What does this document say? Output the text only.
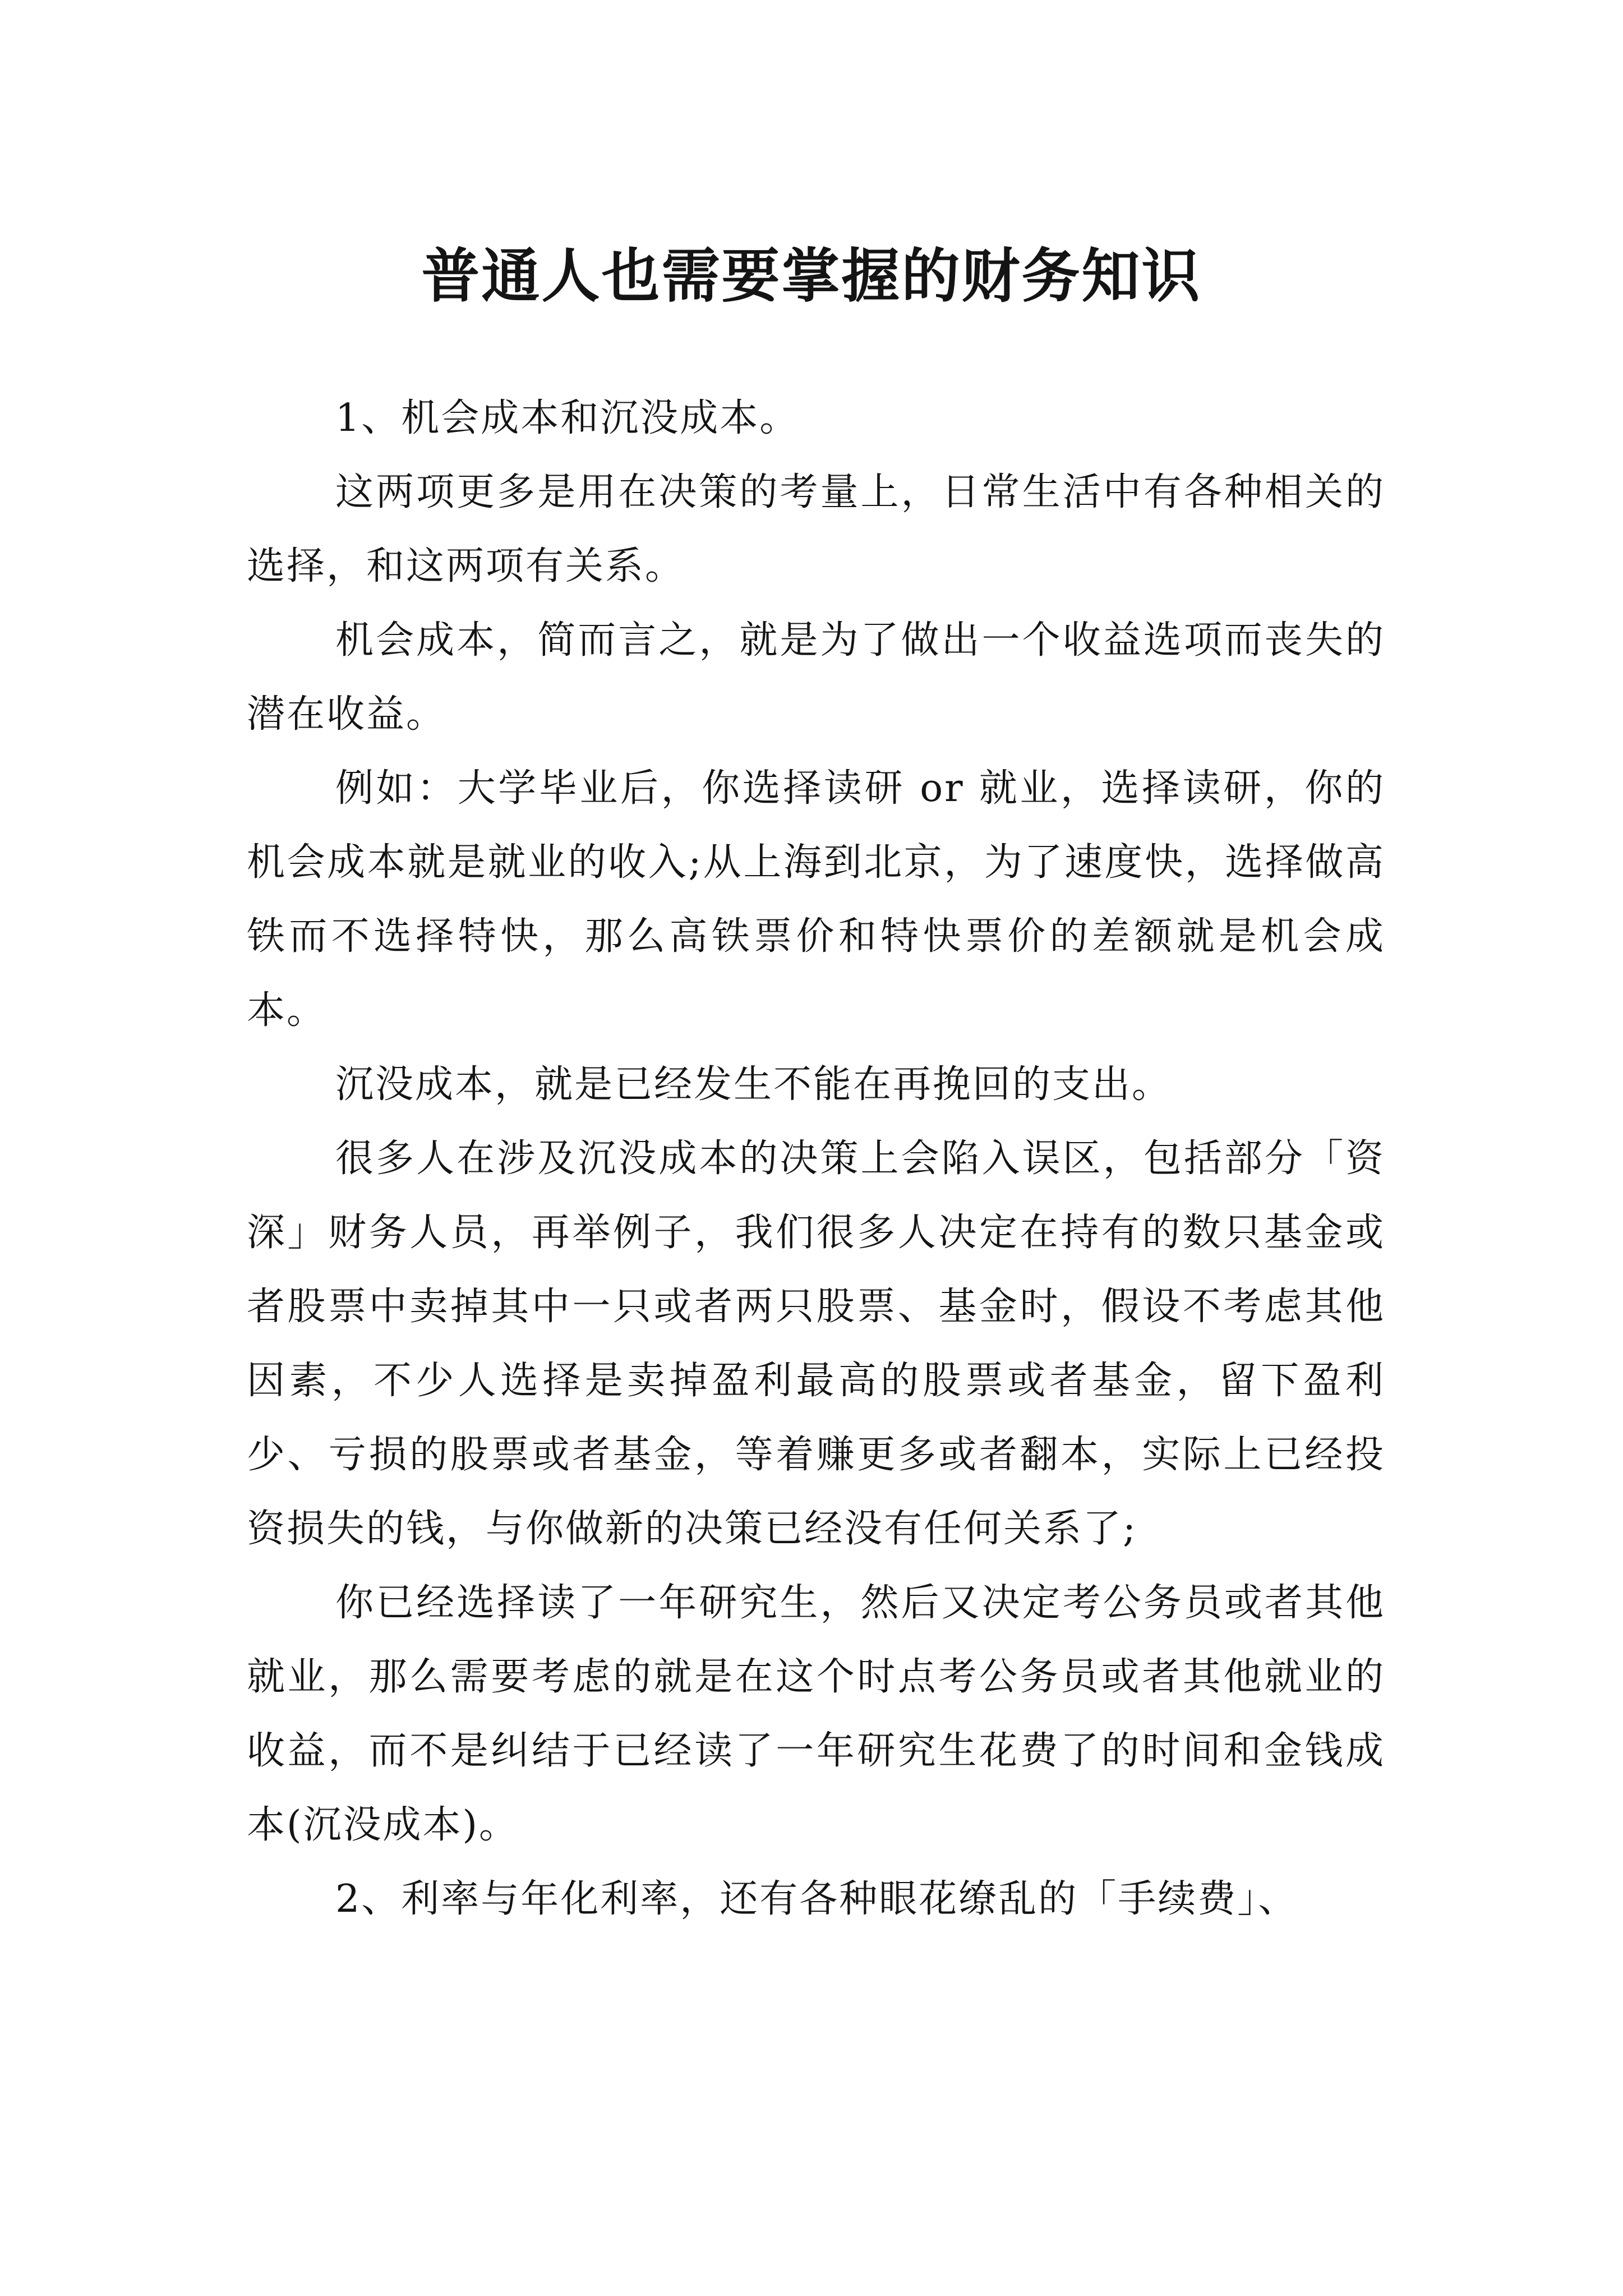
普通人也需要掌握的财务知识

1、机会成本和沉没成本。

这两项更多是用在决策的考量上，日常生活中有各种相关的选择，和这两项有关系。

机会成本，简而言之，就是为了做出一个收益选项而丧失的潜在收益。

例如：大学毕业后，你选择读研 or 就业，选择读研，你的机会成本就是就业的收入;从上海到北京，为了速度快，选择做高铁而不选择特快，那么高铁票价和特快票价的差额就是机会成本。

沉没成本，就是已经发生不能在再挽回的支出。

很多人在涉及沉没成本的决策上会陷入误区，包括部分「资深」财务人员，再举例子，我们很多人决定在持有的数只基金或者股票中卖掉其中一只或者两只股票、基金时，假设不考虑其他因素，不少人选择是卖掉盈利最高的股票或者基金，留下盈利少、亏损的股票或者基金，等着赚更多或者翻本，实际上已经投资损失的钱，与你做新的决策已经没有任何关系了;

你已经选择读了一年研究生，然后又决定考公务员或者其他就业，那么需要考虑的就是在这个时点考公务员或者其他就业的收益，而不是纠结于已经读了一年研究生花费了的时间和金钱成本(沉没成本)。

2、利率与年化利率，还有各种眼花缭乱的「手续费」、
